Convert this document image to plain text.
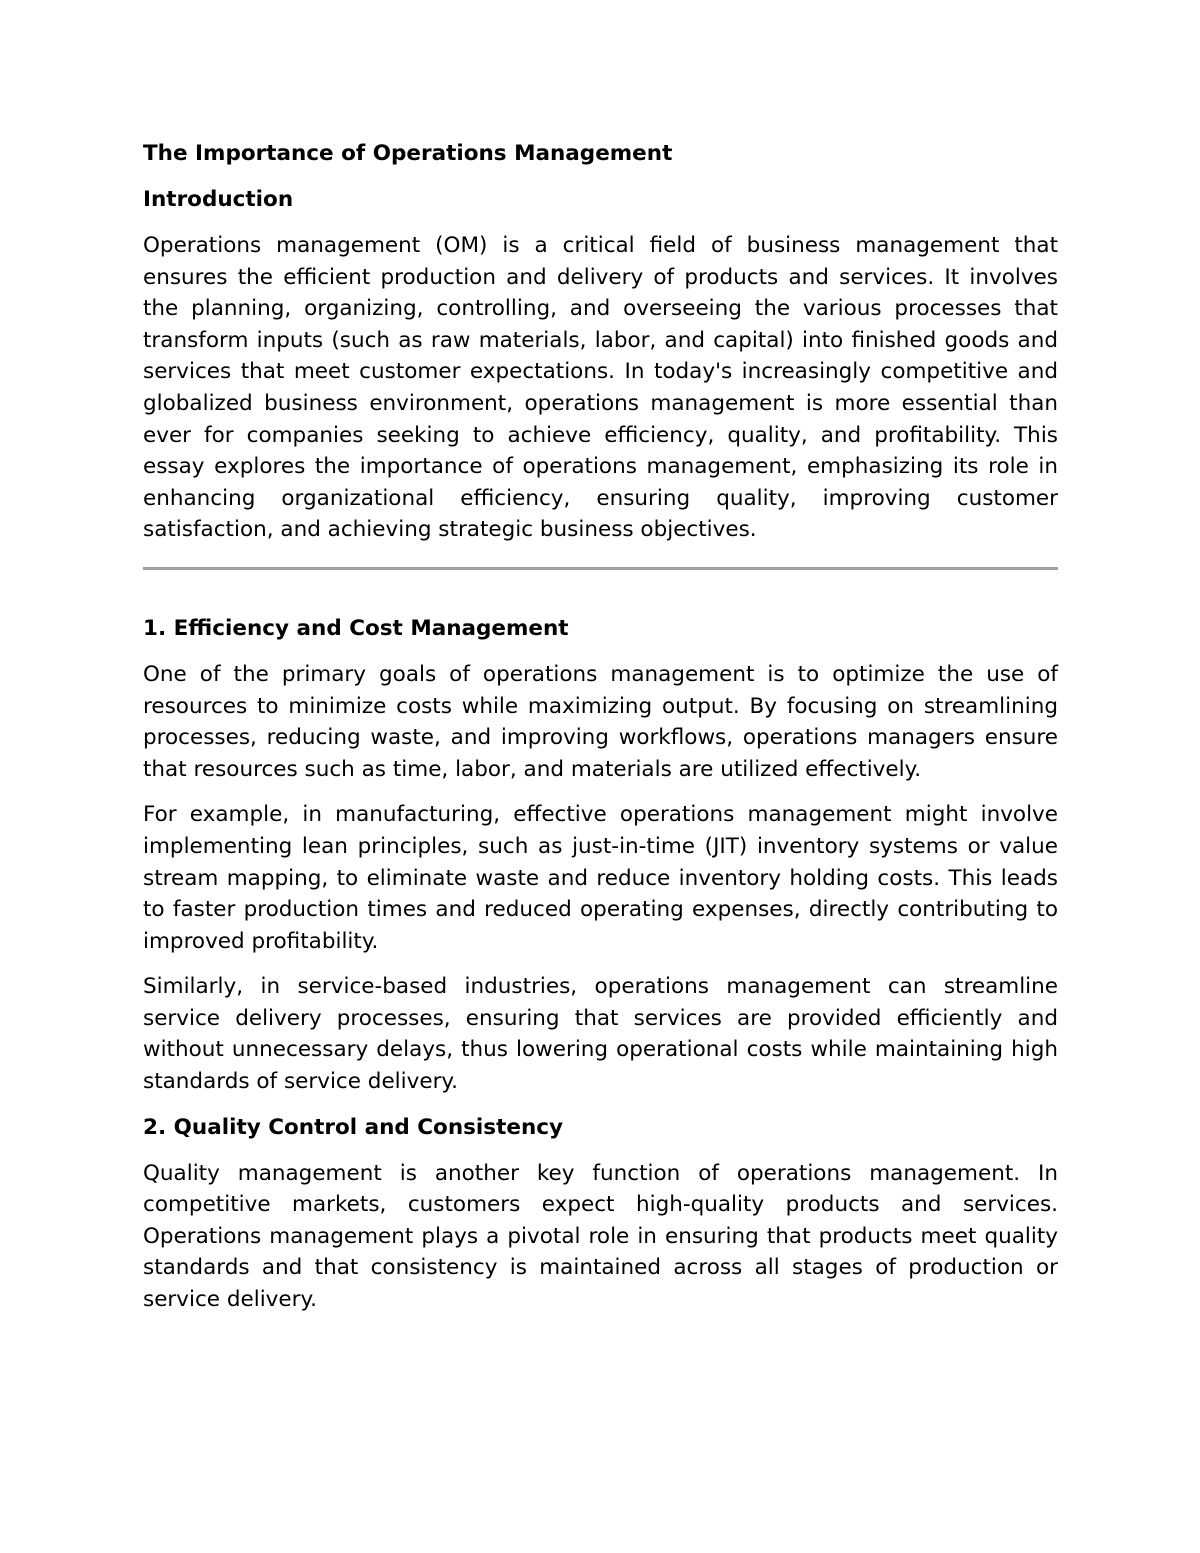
The Importance of Operations Management
Introduction

Operations management (OM) is a critical field of business management that ensures the efficient production and delivery of products and services. It involves the planning, organizing, controlling, and overseeing the various processes that transform inputs (such as raw materials, labor, and capital) into finished goods and services that meet customer expectations. In today's increasingly competitive and globalized business environment, operations management is more essential than ever for companies seeking to achieve efficiency, quality, and profitability. This essay explores the importance of operations management, emphasizing its role in enhancing organizational efficiency, ensuring quality, improving customer satisfaction, and achieving strategic business objectives.

1. Efficiency and Cost Management

One of the primary goals of operations management is to optimize the use of resources to minimize costs while maximizing output. By focusing on streamlining processes, reducing waste, and improving workflows, operations managers ensure that resources such as time, labor, and materials are utilized effectively.

For example, in manufacturing, effective operations management might involve implementing lean principles, such as just-in-time (JIT) inventory systems or value stream mapping, to eliminate waste and reduce inventory holding costs. This leads to faster production times and reduced operating expenses, directly contributing to improved profitability.

Similarly, in service-based industries, operations management can streamline service delivery processes, ensuring that services are provided efficiently and without unnecessary delays, thus lowering operational costs while maintaining high standards of service delivery.

2. Quality Control and Consistency

Quality management is another key function of operations management. In competitive markets, customers expect high-quality products and services. Operations management plays a pivotal role in ensuring that products meet quality standards and that consistency is maintained across all stages of production or service delivery.
